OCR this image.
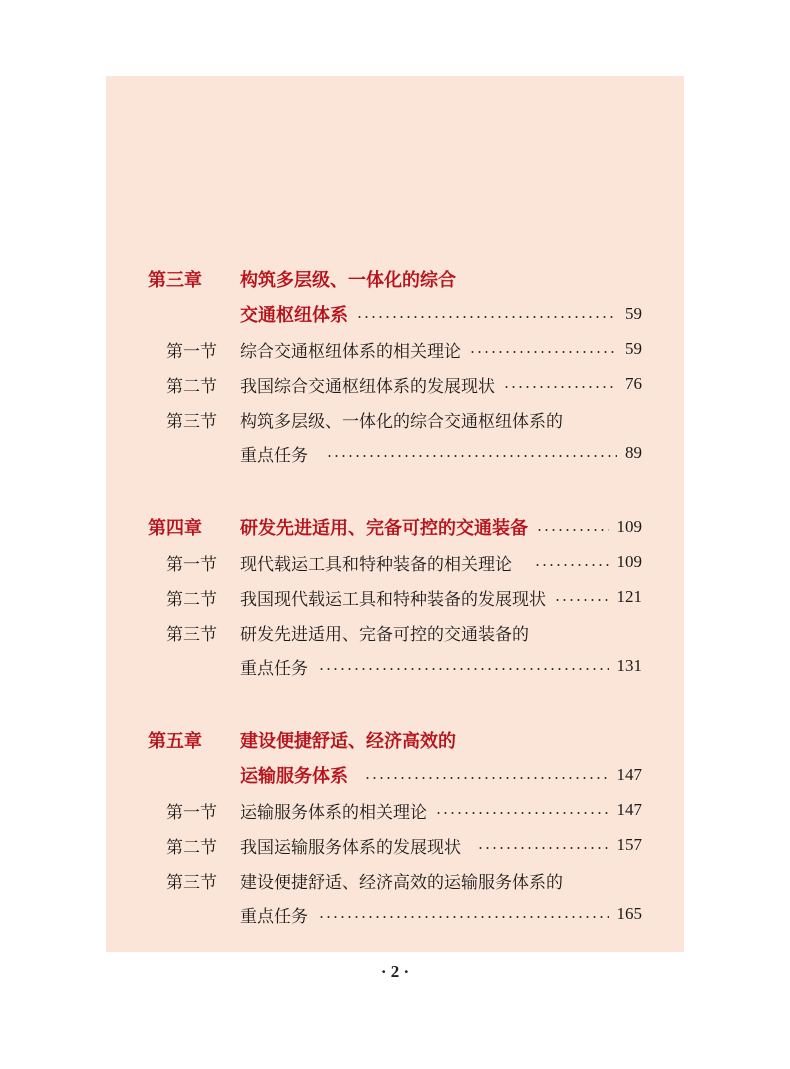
第三章	构筑多层级、一体化的综合
交通枢纽体系	59
第一节	综合交通枢纽体系的相关理论	59
第二节	我国综合交通枢纽体系的发展现状	76
第三节	构筑多层级、一体化的综合交通枢纽体系的
重点任务	89
第四章	研发先进适用、完备可控的交通装备	109
第一节	现代载运工具和特种装备的相关理论	109
第二节	我国现代载运工具和特种装备的发展现状	121
第三节	研发先进适用、完备可控的交通装备的
重点任务	131
第五章	建设便捷舒适、经济高效的
运输服务体系	147
第一节	运输服务体系的相关理论	147
第二节	我国运输服务体系的发展现状	157
第三节	建设便捷舒适、经济高效的运输服务体系的
重点任务	165
· 2 ·
